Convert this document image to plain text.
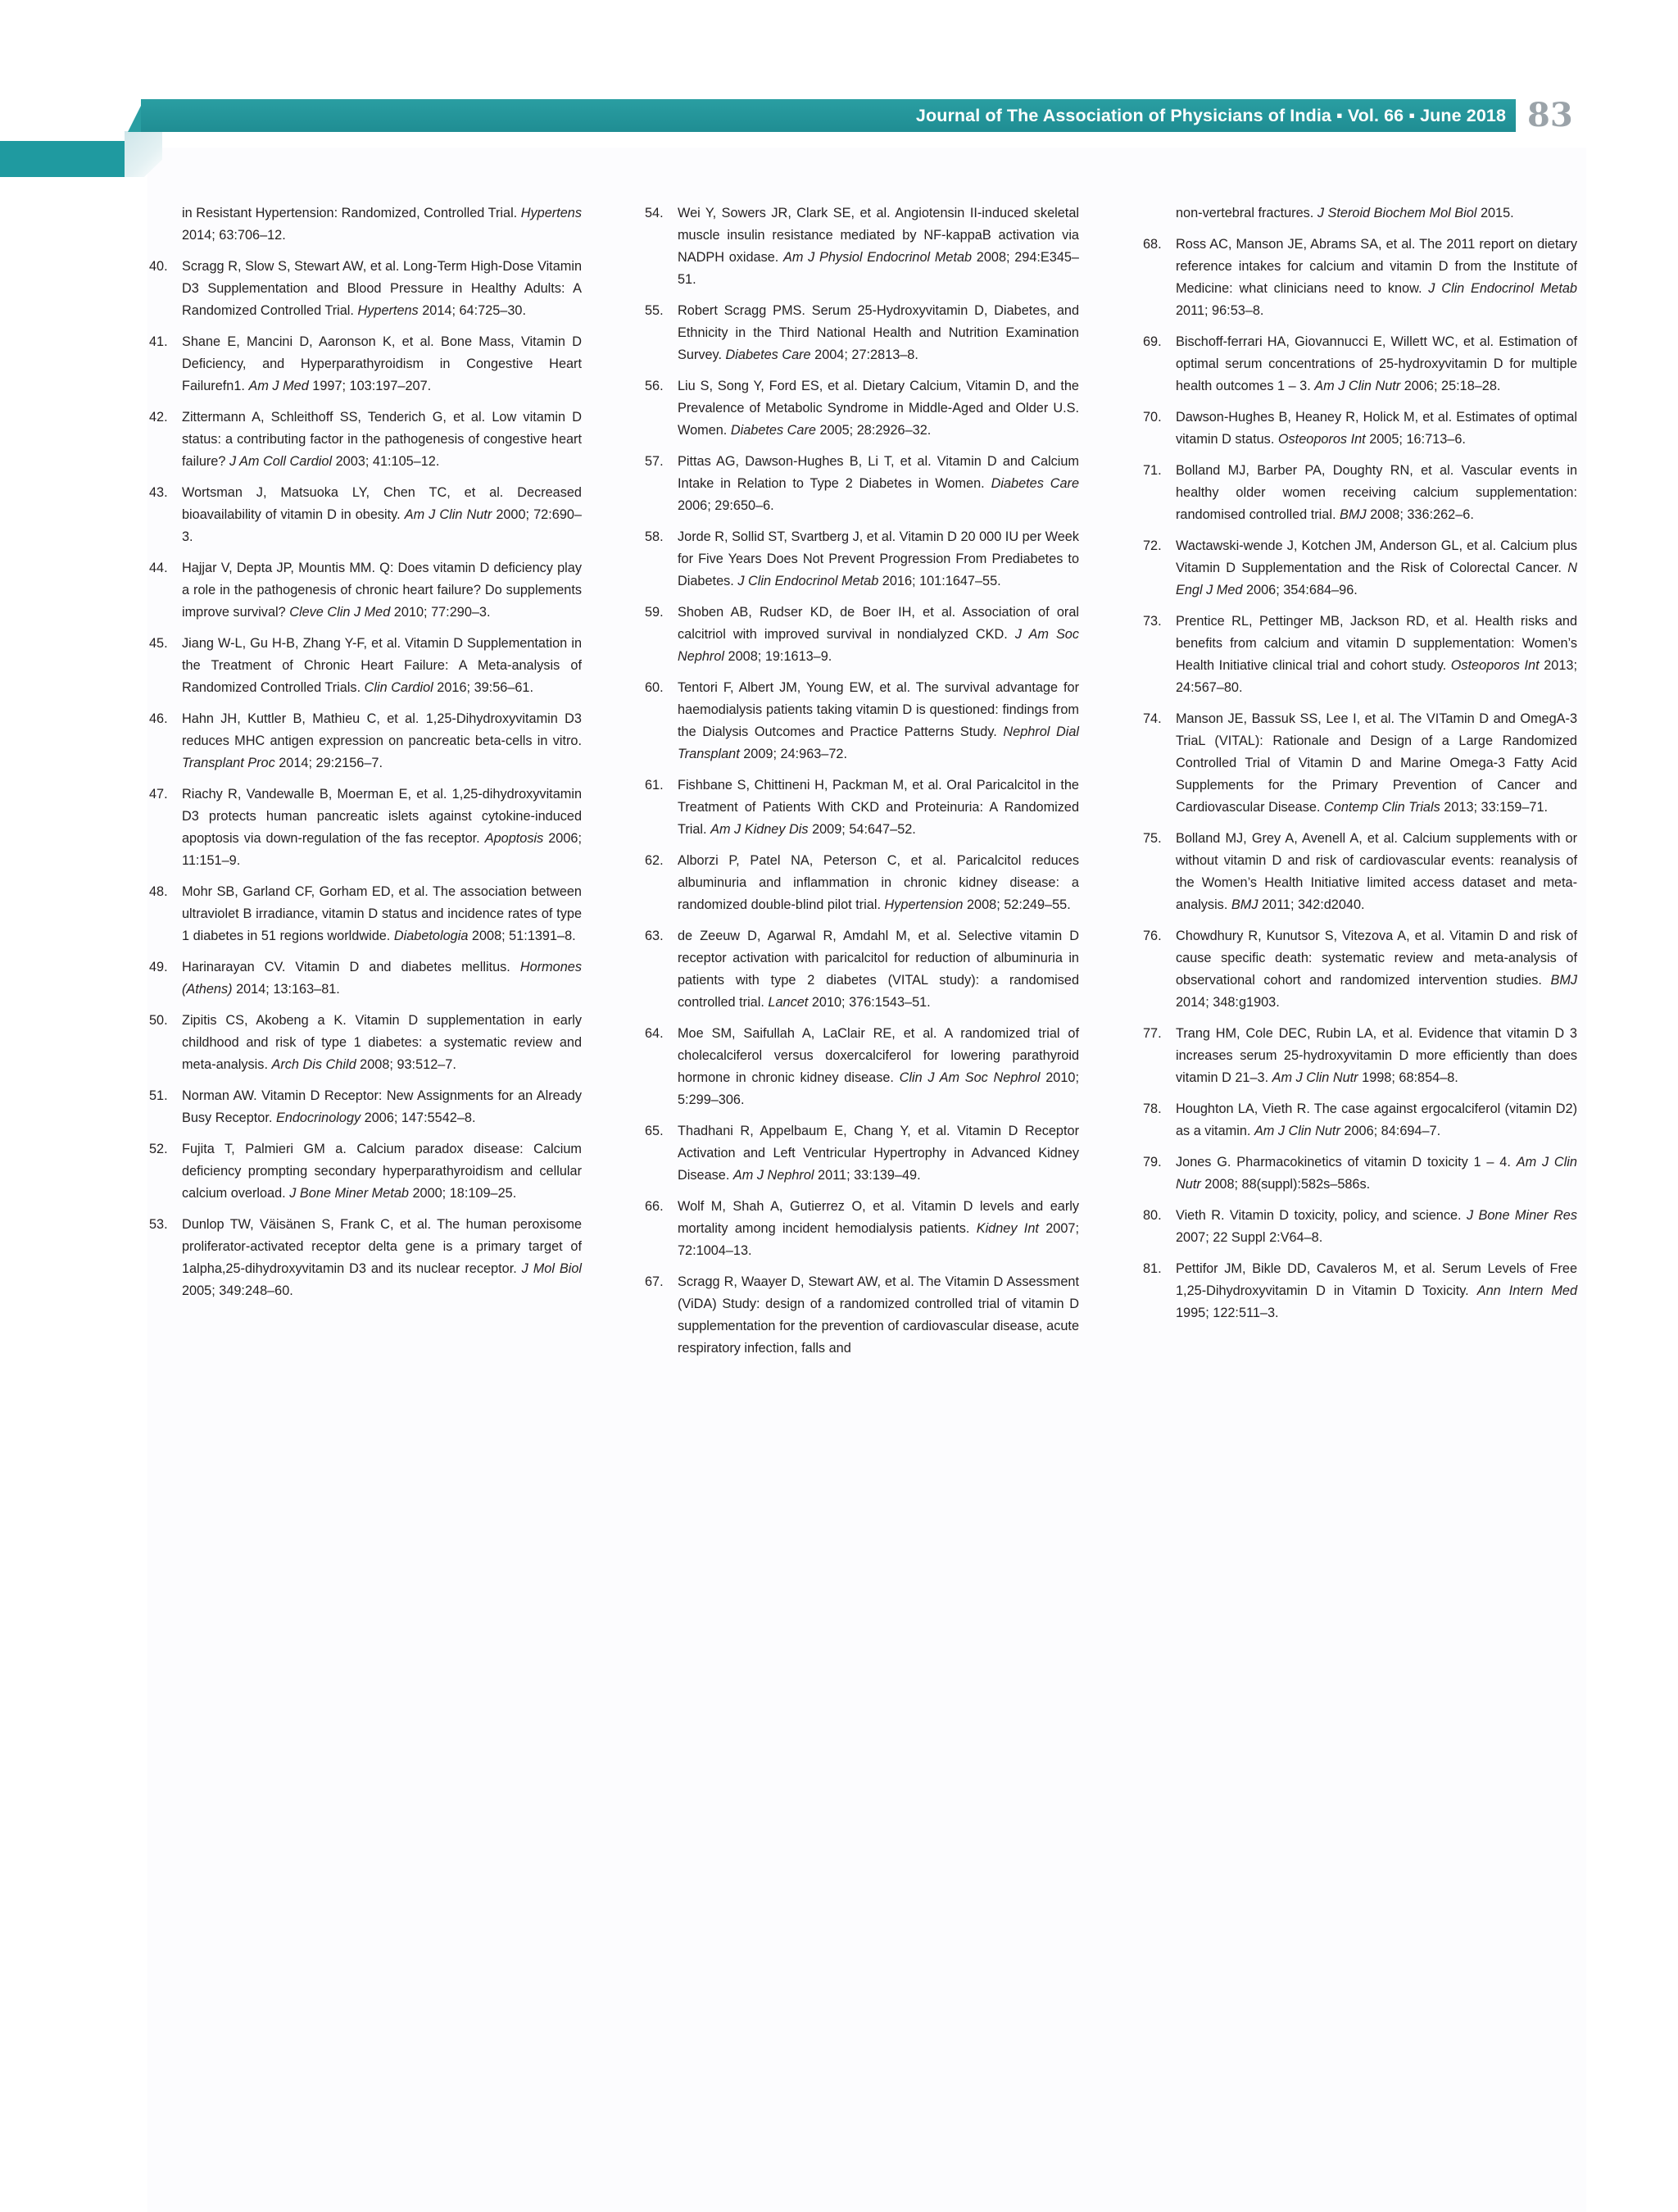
Journal of The Association of Physicians of India ▪ Vol. 66 ▪ June 2018 83
in Resistant Hypertension: Randomized, Controlled Trial. Hypertens 2014; 63:706–12.
40.	Scragg R, Slow S, Stewart AW, et al. Long-Term High-Dose Vitamin D3 Supplementation and Blood Pressure in Healthy Adults: A Randomized Controlled Trial. Hypertens 2014; 64:725–30.
41.	Shane E, Mancini D, Aaronson K, et al. Bone Mass, Vitamin D Deficiency, and Hyperparathyroidism in Congestive Heart Failurefn1. Am J Med 1997; 103:197–207.
42.	Zittermann A, Schleithoff SS, Tenderich G, et al. Low vitamin D status: a contributing factor in the pathogenesis of congestive heart failure? J Am Coll Cardiol 2003; 41:105–12.
43.	Wortsman J, Matsuoka LY, Chen TC, et al. Decreased bioavailability of vitamin D in obesity. Am J Clin Nutr 2000; 72:690–3.
44.	Hajjar V, Depta JP, Mountis MM. Q: Does vitamin D deficiency play a role in the pathogenesis of chronic heart failure? Do supplements improve survival? Cleve Clin J Med 2010; 77:290–3.
45.	Jiang W-L, Gu H-B, Zhang Y-F, et al. Vitamin D Supplementation in the Treatment of Chronic Heart Failure: A Meta-analysis of Randomized Controlled Trials. Clin Cardiol 2016; 39:56–61.
46.	Hahn JH, Kuttler B, Mathieu C, et al. 1,25-Dihydroxyvitamin D3 reduces MHC antigen expression on pancreatic beta-cells in vitro. Transplant Proc 2014; 29:2156–7.
47.	Riachy R, Vandewalle B, Moerman E, et al. 1,25-dihydroxyvitamin D3 protects human pancreatic islets against cytokine-induced apoptosis via down-regulation of the fas receptor. Apoptosis 2006; 11:151–9.
48.	Mohr SB, Garland CF, Gorham ED, et al. The association between ultraviolet B irradiance, vitamin D status and incidence rates of type 1 diabetes in 51 regions worldwide. Diabetologia 2008; 51:1391–8.
49.	Harinarayan CV. Vitamin D and diabetes mellitus. Hormones (Athens) 2014; 13:163–81.
50.	Zipitis CS, Akobeng a K. Vitamin D supplementation in early childhood and risk of type 1 diabetes: a systematic review and meta-analysis. Arch Dis Child 2008; 93:512–7.
51.	Norman AW. Vitamin D Receptor: New Assignments for an Already Busy Receptor. Endocrinology 2006; 147:5542–8.
52.	Fujita T, Palmieri GM a. Calcium paradox disease: Calcium deficiency prompting secondary hyperparathyroidism and cellular calcium overload. J Bone Miner Metab 2000; 18:109–25.
53.	Dunlop TW, Väisänen S, Frank C, et al. The human peroxisome proliferator-activated receptor delta gene is a primary target of 1alpha,25-dihydroxyvitamin D3 and its nuclear receptor. J Mol Biol 2005; 349:248–60.
54.	Wei Y, Sowers JR, Clark SE, et al. Angiotensin II-induced skeletal muscle insulin resistance mediated by NF-kappaB activation via NADPH oxidase. Am J Physiol Endocrinol Metab 2008; 294:E345–51.
55.	Robert Scragg PMS. Serum 25-Hydroxyvitamin D, Diabetes, and Ethnicity in the Third National Health and Nutrition Examination Survey. Diabetes Care 2004; 27:2813–8.
56.	Liu S, Song Y, Ford ES, et al. Dietary Calcium, Vitamin D, and the Prevalence of Metabolic Syndrome in Middle-Aged and Older U.S. Women. Diabetes Care 2005; 28:2926–32.
57.	Pittas AG, Dawson-Hughes B, Li T, et al. Vitamin D and Calcium Intake in Relation to Type 2 Diabetes in Women. Diabetes Care 2006; 29:650–6.
58.	Jorde R, Sollid ST, Svartberg J, et al. Vitamin D 20 000 IU per Week for Five Years Does Not Prevent Progression From Prediabetes to Diabetes. J Clin Endocrinol Metab 2016; 101:1647–55.
59.	Shoben AB, Rudser KD, de Boer IH, et al. Association of oral calcitriol with improved survival in nondialyzed CKD. J Am Soc Nephrol 2008; 19:1613–9.
60.	Tentori F, Albert JM, Young EW, et al. The survival advantage for haemodialysis patients taking vitamin D is questioned: findings from the Dialysis Outcomes and Practice Patterns Study. Nephrol Dial Transplant 2009; 24:963–72.
61.	Fishbane S, Chittineni H, Packman M, et al. Oral Paricalcitol in the Treatment of Patients With CKD and Proteinuria: A Randomized Trial. Am J Kidney Dis 2009; 54:647–52.
62.	Alborzi P, Patel NA, Peterson C, et al. Paricalcitol reduces albuminuria and inflammation in chronic kidney disease: a randomized double-blind pilot trial. Hypertension 2008; 52:249–55.
63.	de Zeeuw D, Agarwal R, Amdahl M, et al. Selective vitamin D receptor activation with paricalcitol for reduction of albuminuria in patients with type 2 diabetes (VITAL study): a randomised controlled trial. Lancet 2010; 376:1543–51.
64.	Moe SM, Saifullah A, LaClair RE, et al. A randomized trial of cholecalciferol versus doxercalciferol for lowering parathyroid hormone in chronic kidney disease. Clin J Am Soc Nephrol 2010; 5:299–306.
65.	Thadhani R, Appelbaum E, Chang Y, et al. Vitamin D Receptor Activation and Left Ventricular Hypertrophy in Advanced Kidney Disease. Am J Nephrol 2011; 33:139–49.
66.	Wolf M, Shah A, Gutierrez O, et al. Vitamin D levels and early mortality among incident hemodialysis patients. Kidney Int 2007; 72:1004–13.
67.	Scragg R, Waayer D, Stewart AW, et al. The Vitamin D Assessment (ViDA) Study: design of a randomized controlled trial of vitamin D supplementation for the prevention of cardiovascular disease, acute respiratory infection, falls and
non-vertebral fractures. J Steroid Biochem Mol Biol 2015.
68.	Ross AC, Manson JE, Abrams SA, et al. The 2011 report on dietary reference intakes for calcium and vitamin D from the Institute of Medicine: what clinicians need to know. J Clin Endocrinol Metab 2011; 96:53–8.
69.	Bischoff-ferrari HA, Giovannucci E, Willett WC, et al. Estimation of optimal serum concentrations of 25-hydroxyvitamin D for multiple health outcomes 1 – 3. Am J Clin Nutr 2006; 25:18–28.
70.	Dawson-Hughes B, Heaney R, Holick M, et al. Estimates of optimal vitamin D status. Osteoporos Int 2005; 16:713–6.
71.	Bolland MJ, Barber PA, Doughty RN, et al. Vascular events in healthy older women receiving calcium supplementation: randomised controlled trial. BMJ 2008; 336:262–6.
72.	Wactawski-wende J, Kotchen JM, Anderson GL, et al. Calcium plus Vitamin D Supplementation and the Risk of Colorectal Cancer. N Engl J Med 2006; 354:684–96.
73.	Prentice RL, Pettinger MB, Jackson RD, et al. Health risks and benefits from calcium and vitamin D supplementation: Women’s Health Initiative clinical trial and cohort study. Osteoporos Int 2013; 24:567–80.
74.	Manson JE, Bassuk SS, Lee I, et al. The VITamin D and OmegA-3 TriaL (VITAL): Rationale and Design of a Large Randomized Controlled Trial of Vitamin D and Marine Omega-3 Fatty Acid Supplements for the Primary Prevention of Cancer and Cardiovascular Disease. Contemp Clin Trials 2013; 33:159–71.
75.	Bolland MJ, Grey A, Avenell A, et al. Calcium supplements with or without vitamin D and risk of cardiovascular events: reanalysis of the Women’s Health Initiative limited access dataset and meta-analysis. BMJ 2011; 342:d2040.
76.	Chowdhury R, Kunutsor S, Vitezova A, et al. Vitamin D and risk of cause specific death: systematic review and meta-analysis of observational cohort and randomized intervention studies. BMJ 2014; 348:g1903.
77.	Trang HM, Cole DEC, Rubin LA, et al. Evidence that vitamin D 3 increases serum 25-hydroxyvitamin D more efficiently than does vitamin D 21–3. Am J Clin Nutr 1998; 68:854–8.
78.	Houghton LA, Vieth R. The case against ergocalciferol (vitamin D2) as a vitamin. Am J Clin Nutr 2006; 84:694–7.
79.	Jones G. Pharmacokinetics of vitamin D toxicity 1 – 4. Am J Clin Nutr 2008; 88(suppl):582s–586s.
80.	Vieth R. Vitamin D toxicity, policy, and science. J Bone Miner Res 2007; 22 Suppl 2:V64–8.
81.	Pettifor JM, Bikle DD, Cavaleros M, et al. Serum Levels of Free 1,25-Dihydroxyvitamin D in Vitamin D Toxicity. Ann Intern Med 1995; 122:511–3.
